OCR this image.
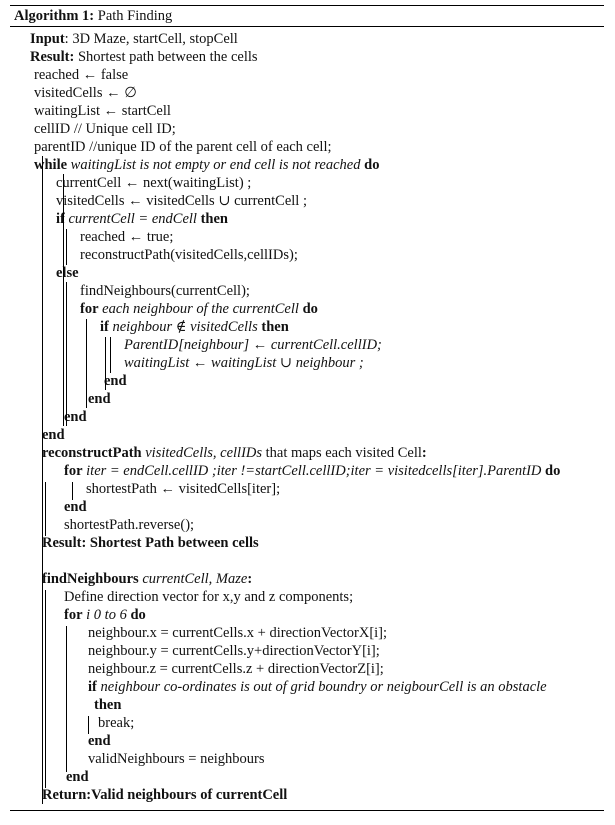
Algorithm 1: Path Finding
Input: 3D Maze, startCell, stopCell
Result: Shortest path between the cells
reached ← false
visitedCells ← ∅
waitingList ← startCell
cellID // Unique cell ID;
parentID //unique ID of the parent cell of each cell;
while waitingList is not empty or end cell is not reached do
currentCell ← next(waitingList) ;
visitedCells ← visitedCells ∪ currentCell ;
if currentCell = endCell then
reached ← true;
reconstructPath(visitedCells,cellIDs);
else
findNeighbours(currentCell);
for each neighbour of the currentCell do
if neighbour ∉ visitedCells then
ParentID[neighbour] ← currentCell.cellID;
waitingList ← waitingList ∪ neighbour ;
end
end
end
end
reconstructPath visitedCells, cellIDs that maps each visited Cell:
for iter = endCell.cellID ;iter !=startCell.cellID;iter = visitedcells[iter].ParentID do
shortestPath ← visitedCells[iter];
end
shortestPath.reverse();
Result: Shortest Path between cells
findNeighbours currentCell, Maze:
Define direction vector for x,y and z components;
for i 0 to 6 do
neighbour.x = currentCells.x + directionVectorX[i];
neighbour.y = currentCells.y+directionVectorY[i];
neighbour.z = currentCells.z + directionVectorZ[i];
if neighbour co-ordinates is out of grid boundry or neigbourCell is an obstacle
then
break;
end
validNeighbours = neighbours
end
Return:Valid neighbours of currentCell
